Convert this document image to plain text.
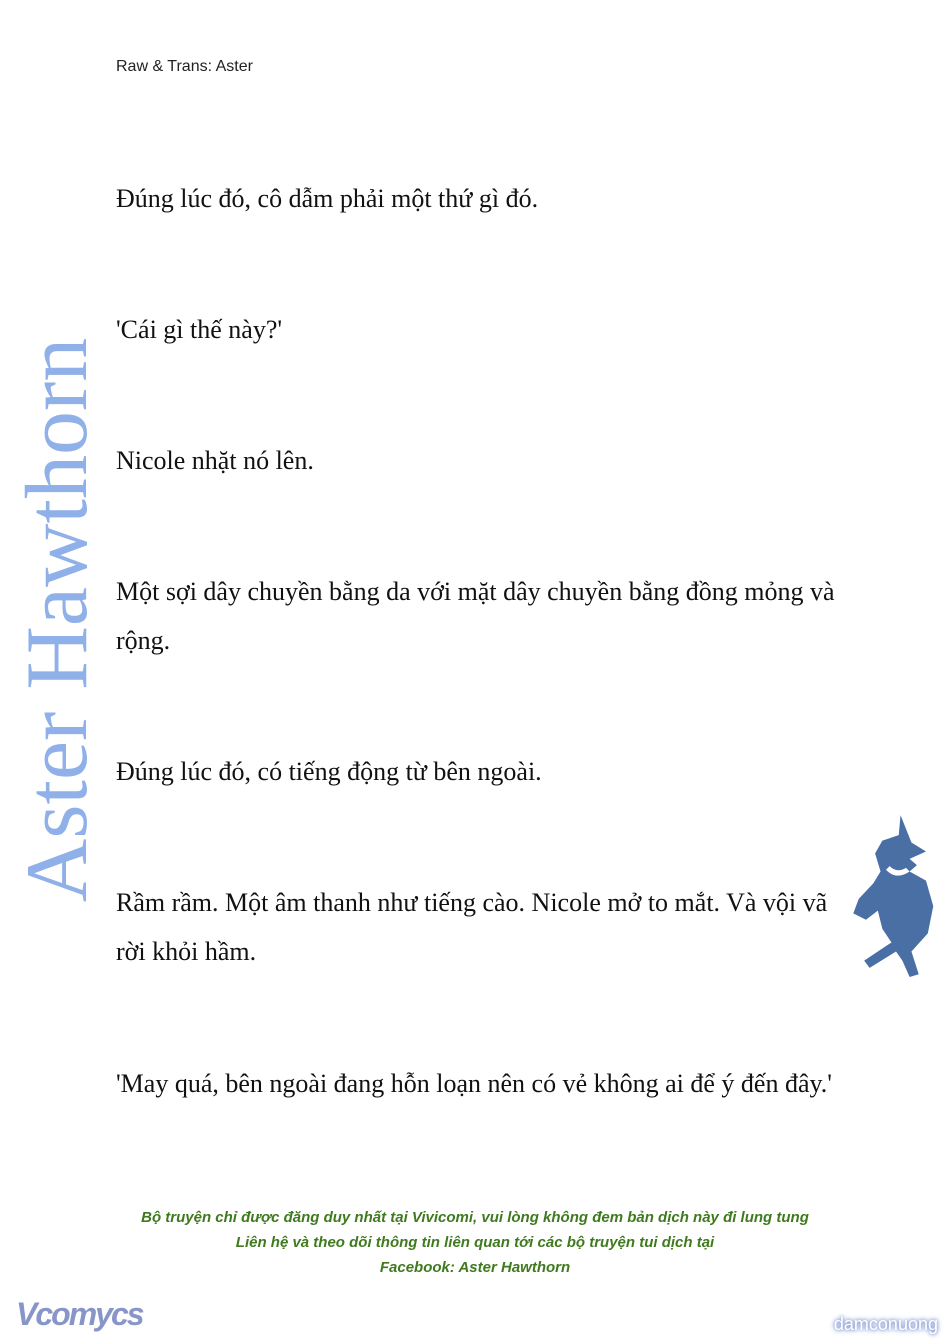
Raw & Trans: Aster
Đúng lúc đó, cô dẫm phải một thứ gì đó.
'Cái gì thế này?'
Nicole nhặt nó lên.
Một sợi dây chuyền bằng da với mặt dây chuyền bằng đồng mỏng và rộng.
Đúng lúc đó, có tiếng động từ bên ngoài.
Rầm rầm. Một âm thanh như tiếng cào. Nicole mở to mắt. Và vội vã rời khỏi hầm.
'May quá, bên ngoài đang hỗn loạn nên có vẻ không ai để ý đến đây.'
Aster Hawthorn
Bộ truyện chỉ được đăng duy nhất tại Vivicomi, vui lòng không đem bản dịch này đi lung tung
Liên hệ và theo dõi thông tin liên quan tới các bộ truyện tui dịch tại
Facebook: Aster Hawthorn
Vcomycs	damconuong
